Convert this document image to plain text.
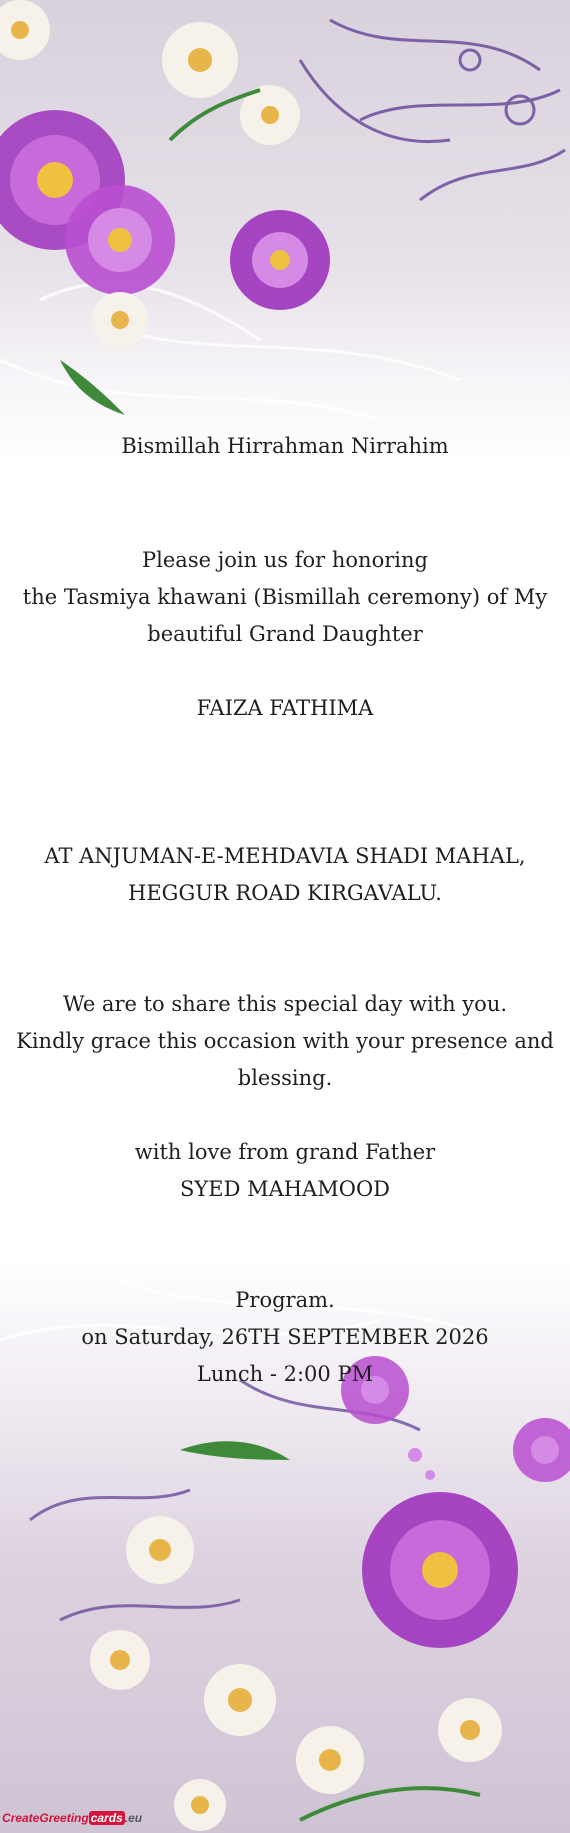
Bismillah Hirrahman Nirrahim
Please join us for honoring
the Tasmiya khawani (Bismillah ceremony) of My
beautiful Grand Daughter
FAIZA FATHIMA
AT ANJUMAN-E-MEHDAVIA SHADI MAHAL,
HEGGUR ROAD KIRGAVALU.
We are to share this special day with you.
Kindly grace this occasion with your presence and
blessing.
with love from grand Father
SYED MAHAMOOD
Program.
on Saturday, 26TH SEPTEMBER 2026
Lunch - 2:00 PM
CreateGreeting cards .eu
